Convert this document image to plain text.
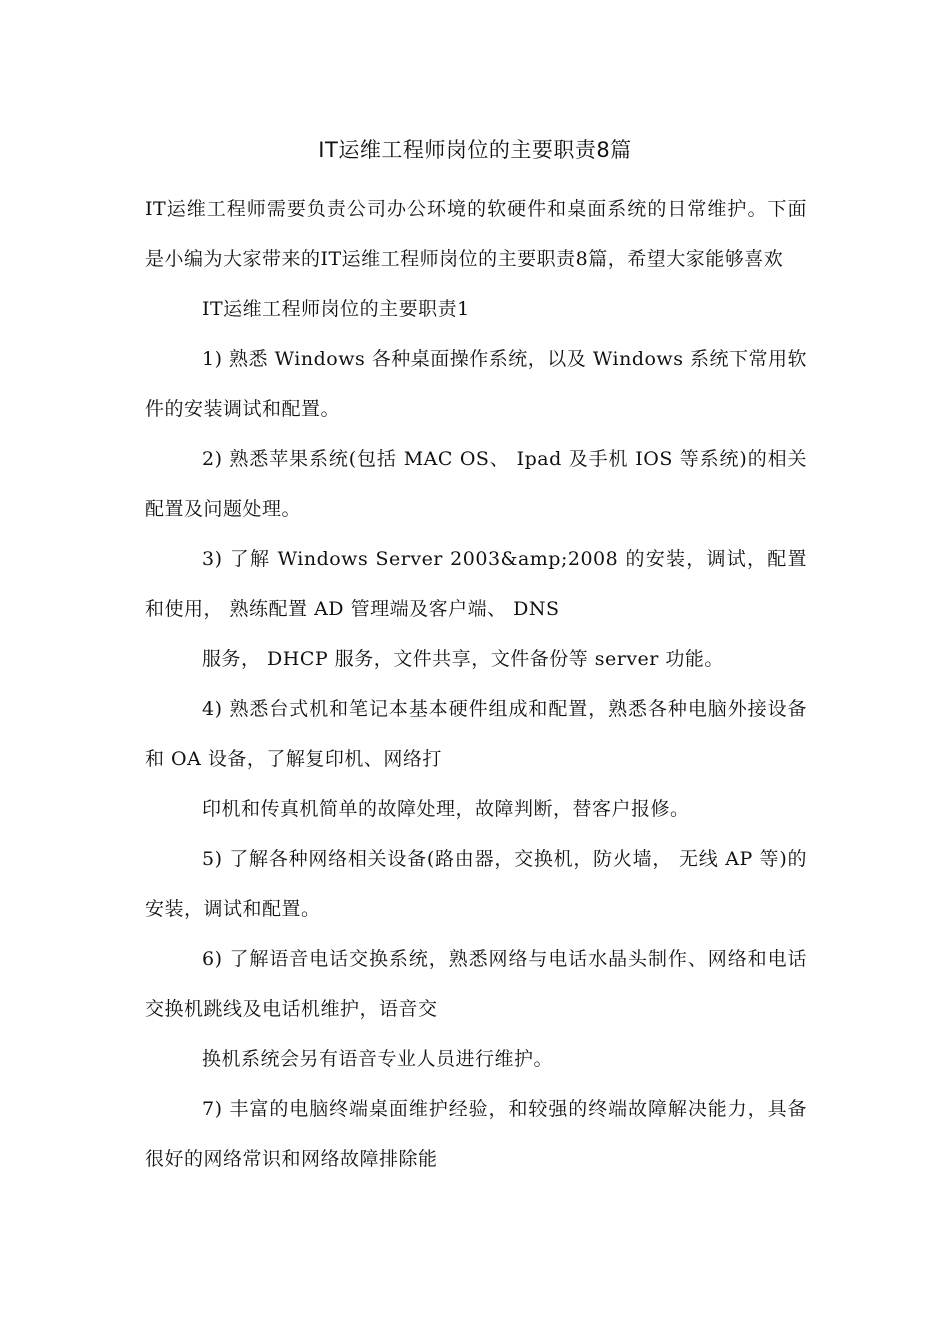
IT运维工程师岗位的主要职责8篇

IT运维工程师需要负责公司办公环境的软硬件和桌面系统的日常维护。下面是小编为大家带来的IT运维工程师岗位的主要职责8篇，希望大家能够喜欢

IT运维工程师岗位的主要职责1

1) 熟悉 Windows 各种桌面操作系统，以及 Windows 系统下常用软件的安装调试和配置。

2) 熟悉苹果系统(包括 MAC OS、 Ipad 及手机 IOS 等系统)的相关配置及问题处理。

3) 了解 Windows Server 2003&amp;2008 的安装，调试，配置和使用， 熟练配置 AD 管理端及客户端、 DNS

服务， DHCP 服务，文件共享，文件备份等 server 功能。

4) 熟悉台式机和笔记本基本硬件组成和配置，熟悉各种电脑外接设备和 OA 设备，了解复印机、网络打

印机和传真机简单的故障处理，故障判断，替客户报修。

5) 了解各种网络相关设备(路由器，交换机，防火墙， 无线 AP 等)的安装，调试和配置。

6) 了解语音电话交换系统，熟悉网络与电话水晶头制作、网络和电话交换机跳线及电话机维护，语音交

换机系统会另有语音专业人员进行维护。

7) 丰富的电脑终端桌面维护经验，和较强的终端故障解决能力，具备很好的网络常识和网络故障排除能
